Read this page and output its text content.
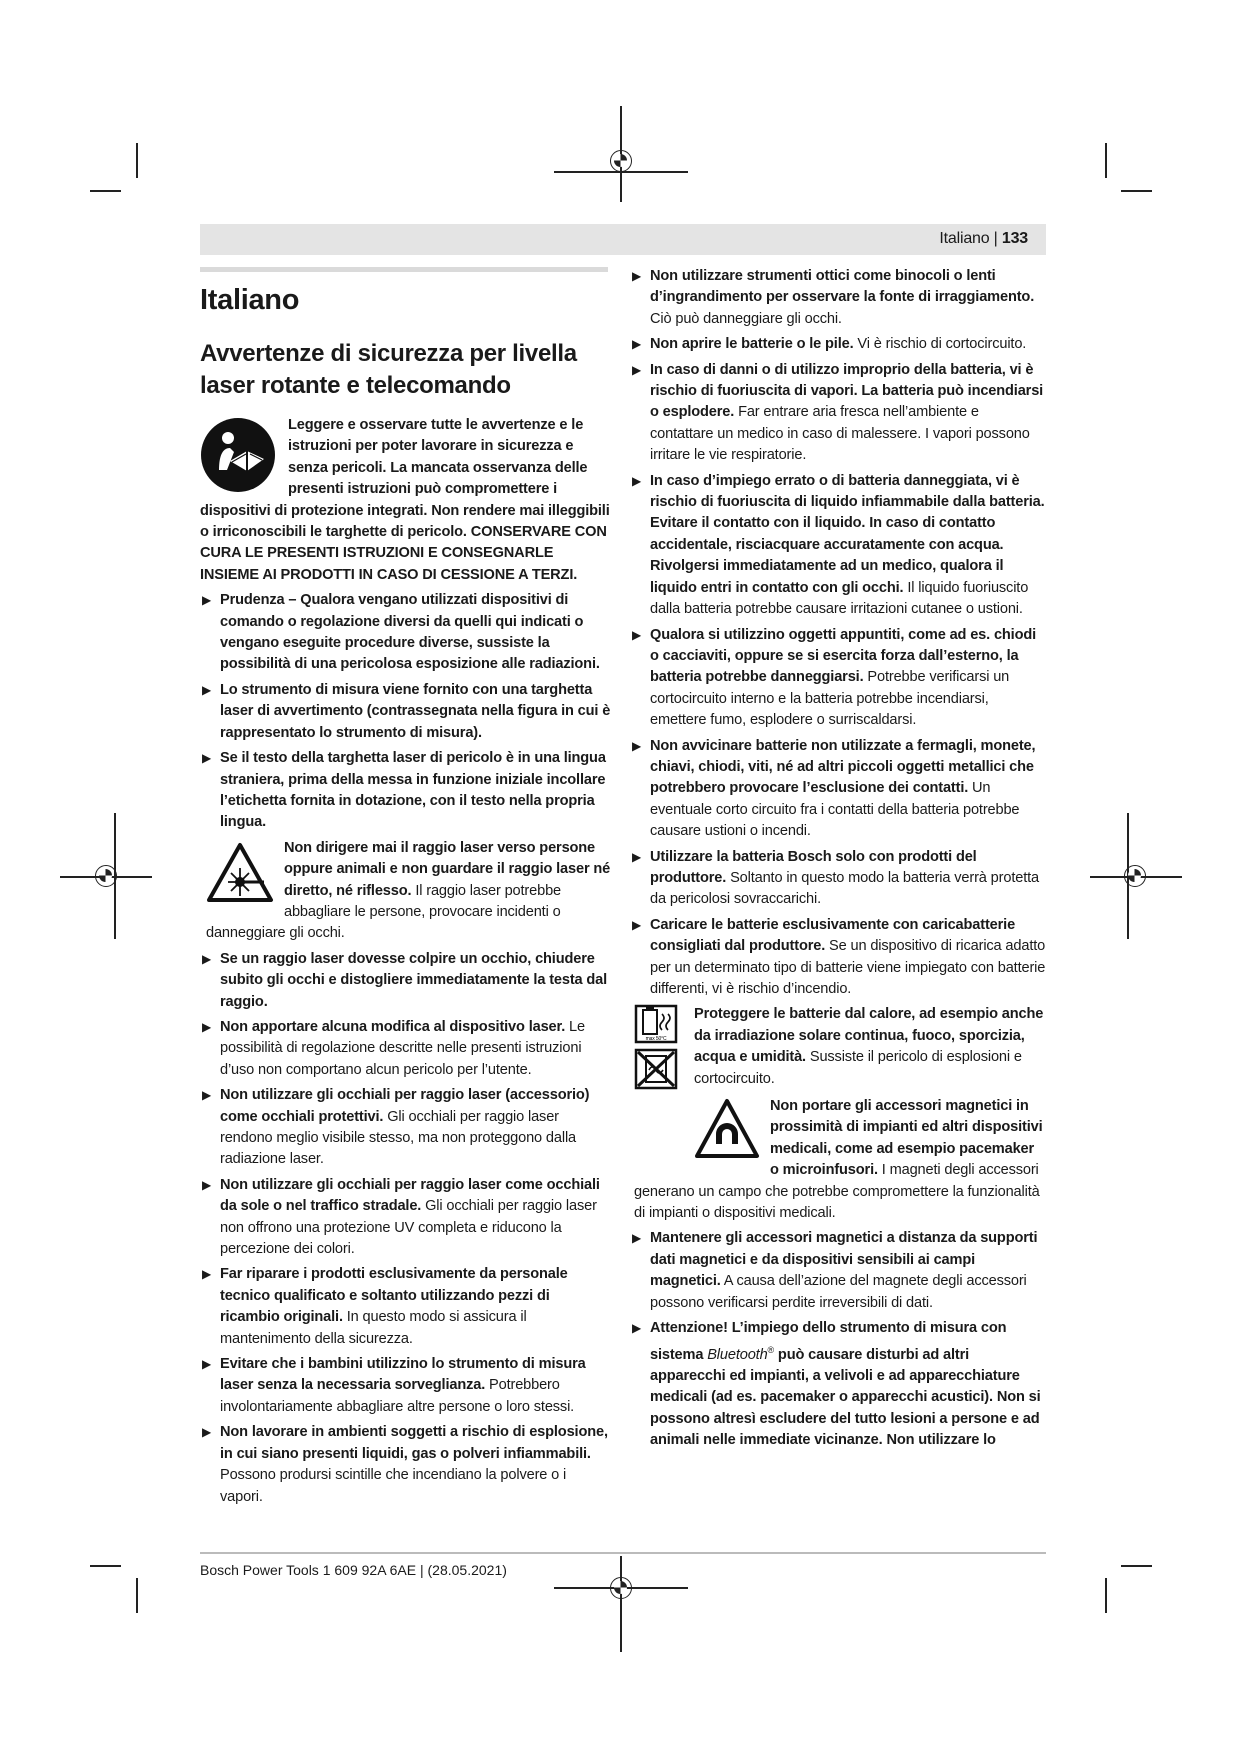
Italiano | 133
Italiano
Avvertenze di sicurezza per livella laser rotante e telecomando
Leggere e osservare tutte le avvertenze e le istruzioni per poter lavorare in sicurezza e senza pericoli. La mancata osservanza delle presenti istruzioni può compromettere i dispositivi di protezione integrati. Non rendere mai illeggibili o irriconoscibili le targhette di pericolo. CONSERVARE CON CURA LE PRESENTI ISTRUZIONI E CONSEGNARLE INSIEME AI PRODOTTI IN CASO DI CESSIONE A TERZI.
▶ Prudenza – Qualora vengano utilizzati dispositivi di comando o regolazione diversi da quelli qui indicati o vengano eseguite procedure diverse, sussiste la possibilità di una pericolosa esposizione alle radiazioni.
▶ Lo strumento di misura viene fornito con una targhetta laser di avvertimento (contrassegnata nella figura in cui è rappresentato lo strumento di misura).
▶ Se il testo della targhetta laser di pericolo è in una lingua straniera, prima della messa in funzione iniziale incollare l’etichetta fornita in dotazione, con il testo nella propria lingua.
Non dirigere mai il raggio laser verso persone oppure animali e non guardare il raggio laser né diretto, né riflesso. Il raggio laser potrebbe abbagliare le persone, provocare incidenti o danneggiare gli occhi.
▶ Se un raggio laser dovesse colpire un occhio, chiudere subito gli occhi e distogliere immediatamente la testa dal raggio.
▶ Non apportare alcuna modifica al dispositivo laser. Le possibilità di regolazione descritte nelle presenti istruzioni d’uso non comportano alcun pericolo per l’utente.
▶ Non utilizzare gli occhiali per raggio laser (accessorio) come occhiali protettivi. Gli occhiali per raggio laser rendono meglio visibile stesso, ma non proteggono dalla radiazione laser.
▶ Non utilizzare gli occhiali per raggio laser come occhiali da sole o nel traffico stradale. Gli occhiali per raggio laser non offrono una protezione UV completa e riducono la percezione dei colori.
▶ Far riparare i prodotti esclusivamente da personale tecnico qualificato e soltanto utilizzando pezzi di ricambio originali. In questo modo si assicura il mantenimento della sicurezza.
▶ Evitare che i bambini utilizzino lo strumento di misura laser senza la necessaria sorveglianza. Potrebbero involontariamente abbagliare altre persone o loro stessi.
▶ Non lavorare in ambienti soggetti a rischio di esplosione, in cui siano presenti liquidi, gas o polveri infiammabili. Possono prodursi scintille che incendiano la polvere o i vapori.
▶ Non utilizzare strumenti ottici come binocoli o lenti d’ingrandimento per osservare la fonte di irraggiamento. Ciò può danneggiare gli occhi.
▶ Non aprire le batterie o le pile. Vi è rischio di cortocircuito.
▶ In caso di danni o di utilizzo improprio della batteria, vi è rischio di fuoriuscita di vapori. La batteria può incendiarsi o esplodere. Far entrare aria fresca nell’ambiente e contattare un medico in caso di malessere. I vapori possono irritare le vie respiratorie.
▶ In caso d’impiego errato o di batteria danneggiata, vi è rischio di fuoriuscita di liquido infiammabile dalla batteria. Evitare il contatto con il liquido. In caso di contatto accidentale, risciacquare accuratamente con acqua. Rivolgersi immediatamente ad un medico, qualora il liquido entri in contatto con gli occhi. Il liquido fuoriuscito dalla batteria potrebbe causare irritazioni cutanee o ustioni.
▶ Qualora si utilizzino oggetti appuntiti, come ad es. chiodi o cacciaviti, oppure se si esercita forza dall’esterno, la batteria potrebbe danneggiarsi. Potrebbe verificarsi un cortocircuito interno e la batteria potrebbe incendiarsi, emettere fumo, esplodere o surriscaldarsi.
▶ Non avvicinare batterie non utilizzate a fermagli, monete, chiavi, chiodi, viti, né ad altri piccoli oggetti metallici che potrebbero provocare l’esclusione dei contatti. Un eventuale corto circuito fra i contatti della batteria potrebbe causare ustioni o incendi.
▶ Utilizzare la batteria Bosch solo con prodotti del produttore. Soltanto in questo modo la batteria verrà protetta da pericolosi sovraccarichi.
▶ Caricare le batterie esclusivamente con caricabatterie consigliati dal produttore. Se un dispositivo di ricarica adatto per un determinato tipo di batterie viene impiegato con batterie differenti, vi è rischio d’incendio.
max 50°C
Proteggere le batterie dal calore, ad esempio anche da irradiazione solare continua, fuoco, sporcizia, acqua e umidità. Sussiste il pericolo di esplosioni e cortocircuito.
Non portare gli accessori magnetici in prossimità di impianti ed altri dispositivi medicali, come ad esempio pacemaker o microinfusori. I magneti degli accessori generano un campo che potrebbe compromettere la funzionalità di impianti o dispositivi medicali.
▶ Mantenere gli accessori magnetici a distanza da supporti dati magnetici e da dispositivi sensibili ai campi magnetici. A causa dell’azione del magnete degli accessori possono verificarsi perdite irreversibili di dati.
▶ Attenzione! L’impiego dello strumento di misura con sistema Bluetooth® può causare disturbi ad altri apparecchi ed impianti, a velivoli e ad apparecchiature medicali (ad es. pacemaker o apparecchi acustici). Non si possono altresì escludere del tutto lesioni a persone e ad animali nelle immediate vicinanze. Non utilizzare lo
Bosch Power Tools 1 609 92A 6AE | (28.05.2021)
